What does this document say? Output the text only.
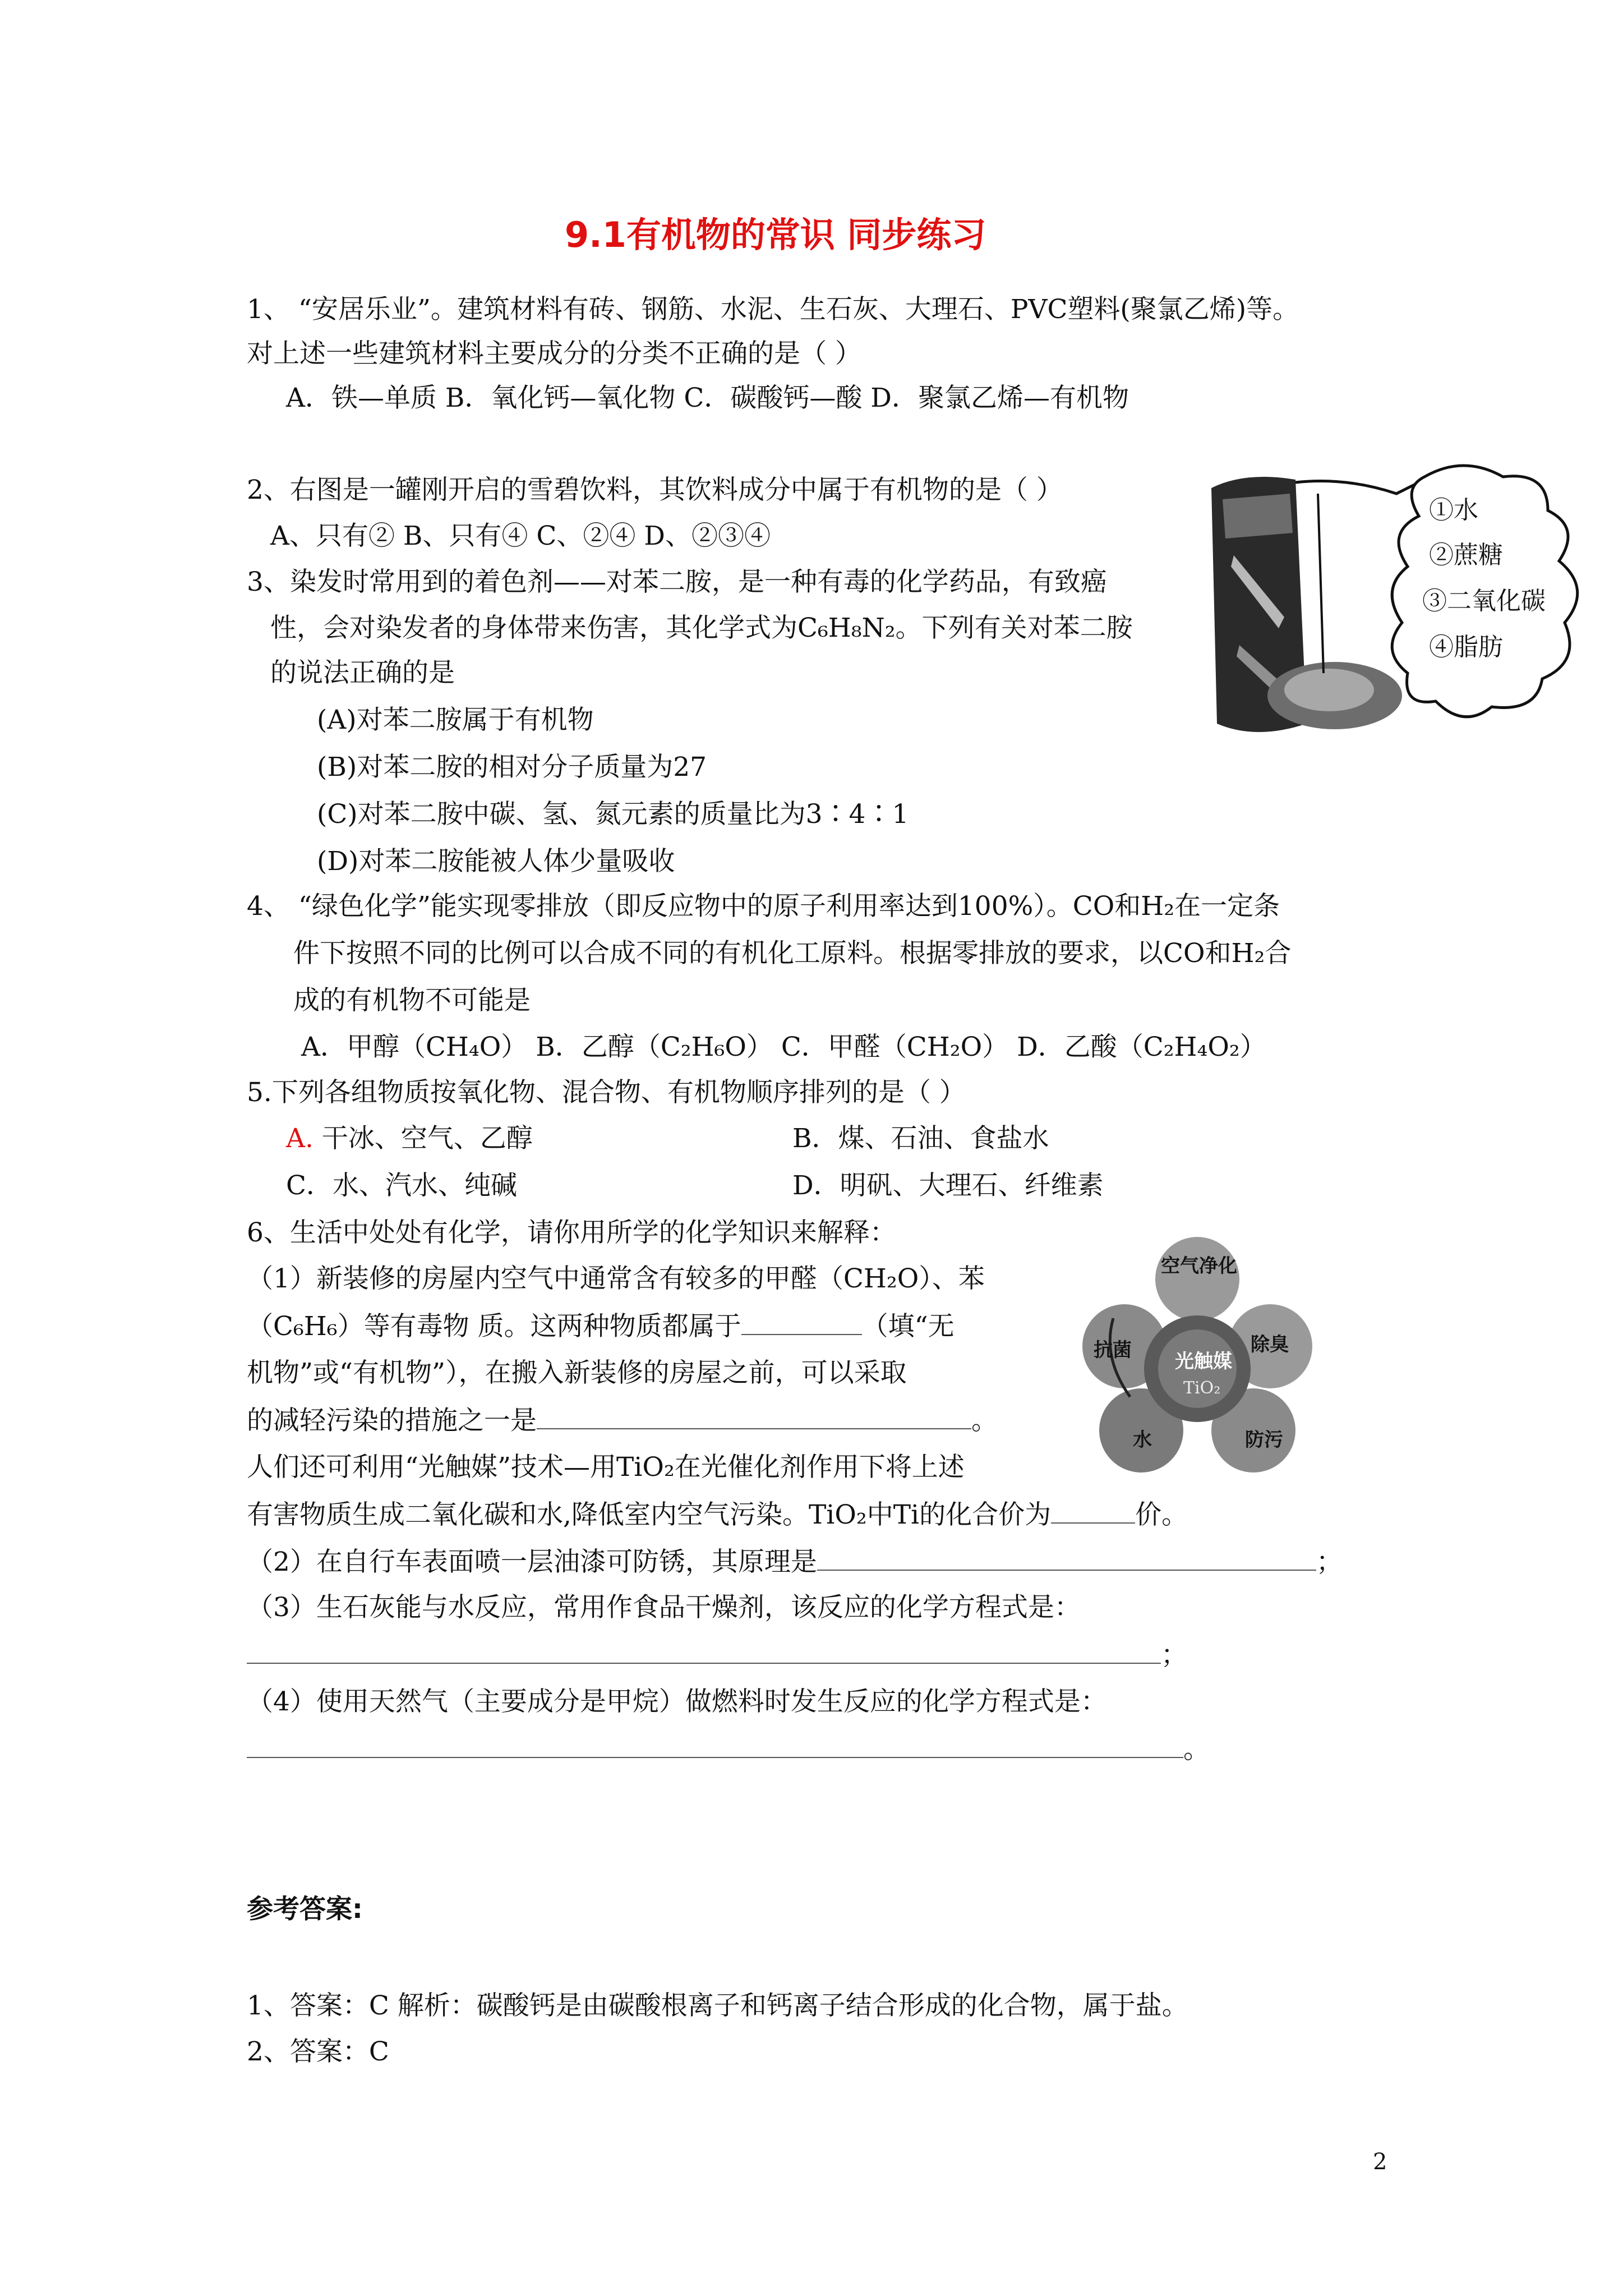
9.1有机物的常识 同步练习
1、 “安居乐业”。建筑材料有砖、钢筋、水泥、生石灰、大理石、PVC塑料(聚氯乙烯)等。
对上述一些建筑材料主要成分的分类不正确的是（ ）
A．铁—单质 B．氧化钙—氧化物 C．碳酸钙—酸 D．聚氯乙烯—有机物
2、右图是一罐刚开启的雪碧饮料，其饮料成分中属于有机物的是（ ）
A、只有② B、只有④ C、②④ D、②③④
①水
②蔗糖
③二氧化碳
④脂肪
3、染发时常用到的着色剂——对苯二胺，是一种有毒的化学药品，有致癌
性，会对染发者的身体带来伤害，其化学式为C₆H₈N₂。下列有关对苯二胺
的说法正确的是
(A)对苯二胺属于有机物
(B)对苯二胺的相对分子质量为27
(C)对苯二胺中碳、氢、氮元素的质量比为3∶4∶1
(D)对苯二胺能被人体少量吸收
4、 “绿色化学”能实现零排放（即反应物中的原子利用率达到100%）。CO和H₂在一定条
件下按照不同的比例可以合成不同的有机化工原料。根据零排放的要求，以CO和H₂合
成的有机物不可能是
A．甲醇（CH₄O） B．乙醇（C₂H₆O） C．甲醛（CH₂O） D．乙酸（C₂H₄O₂）
5.下列各组物质按氧化物、混合物、有机物顺序排列的是（ ）
A. 干冰、空气、乙醇	B．煤、石油、食盐水
C．水、汽水、纯碱	D．明矾、大理石、纤维素
6、生活中处处有化学，请你用所学的化学知识来解释：
（1）新装修的房屋内空气中通常含有较多的甲醛（CH₂O）、苯
（C₆H₆）等有毒物 质。这两种物质都属于	（填“无
机物”或“有机物”），在搬入新装修的房屋之前，可以采取
的减轻污染的措施之一是	。
人们还可利用“光触媒”技术—用TiO₂在光催化剂作用下将上述
有害物质生成二氧化碳和水,降低室内空气污染。TiO₂中Ti的化合价为	价。
空气净化
抗菌	除臭
光触媒
TiO₂
水	防污
（2）在自行车表面喷一层油漆可防锈，其原理是	；
（3）生石灰能与水反应，常用作食品干燥剂，该反应的化学方程式是：
；
（4）使用天然气（主要成分是甲烷）做燃料时发生反应的化学方程式是：
。
参考答案:
1、答案：C 解析：碳酸钙是由碳酸根离子和钙离子结合形成的化合物，属于盐。
2、答案：C
2
